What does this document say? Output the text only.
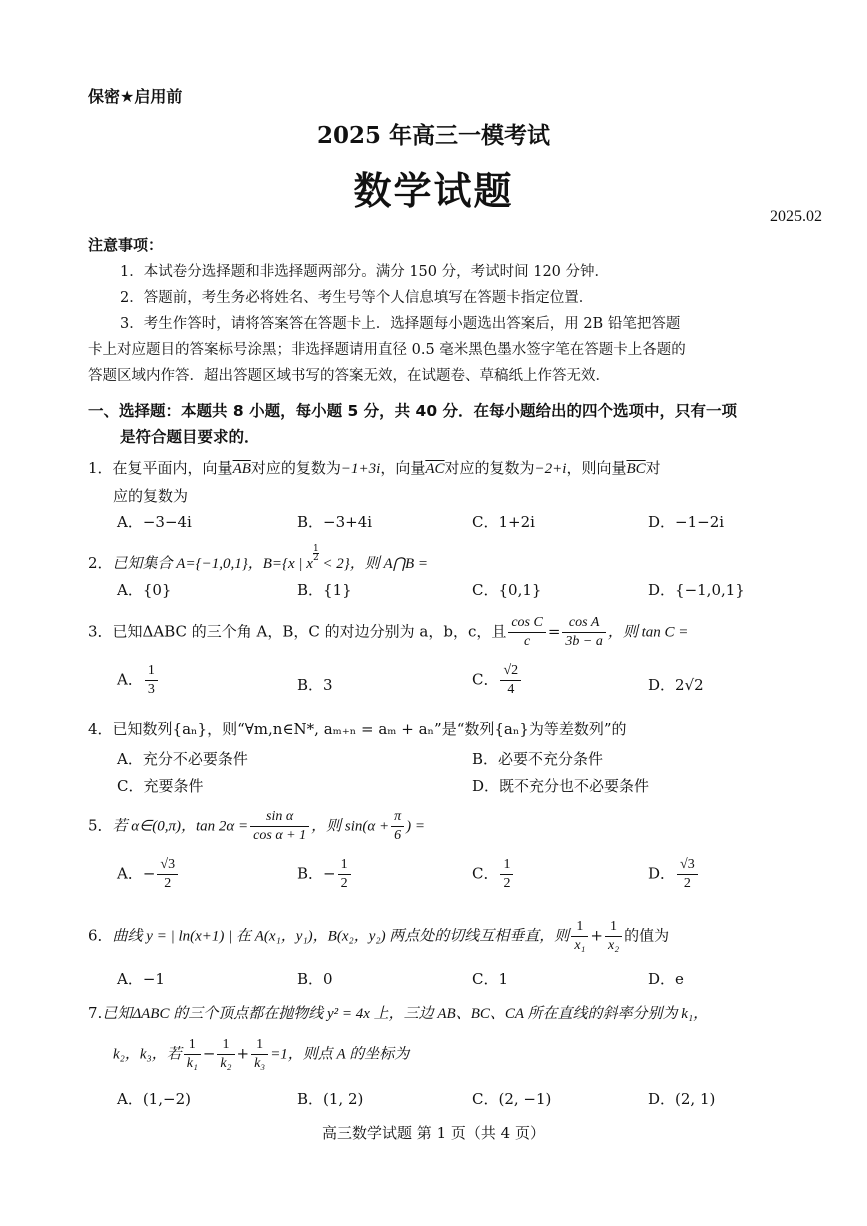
保密★启用前
2025 年高三一模考试
数学试题
2025.02
注意事项：
1．本试卷分选择题和非选择题两部分。满分 150 分，考试时间 120 分钟．
2．答题前，考生务必将姓名、考生号等个人信息填写在答题卡指定位置．
3．考生作答时，请将答案答在答题卡上．选择题每小题选出答案后，用 2B 铅笔把答题
卡上对应题目的答案标号涂黑；非选择题请用直径 0.5 毫米黑色墨水签字笔在答题卡上各题的
答题区域内作答．超出答题区域书写的答案无效，在试题卷、草稿纸上作答无效．
一、选择题：本题共 8 小题，每小题 5 分，共 40 分．在每小题给出的四个选项中，只有一项
是符合题目要求的．
1．在复平面内，向量$\overline{AB}$对应的复数为−1+3i，向量$\overline{AC}$对应的复数为−2+i，则向量$\overline{BC}$对
应的复数为
A．−3−4i	B．−3+4i	C．1+2i	D．−1−2i
2．已知集合 A={−1,0,1}，B={x | x
$^{\frac{1}{2}}$
< 2}，则 A⋂B =
A．{0}	B．{1}	C．{0,1}	D．{−1,0,1}
3．已知ΔABC 的三个角 A，B，C 的对边分别为 a，b，c，且 $\frac{\text{cos C}}{c} = \frac{\text{cos A}}{3b - a}$ ，则 tan C =
A． $\frac{1}{3}$	B．3	C． $\frac{√2}{4}$	D．2√2
4．已知数列{aₙ}，则“∀m,n∈N*, aₘ₊ₙ = aₘ + aₙ”是“数列{aₙ}为等差数列”的
A．充分不必要条件	B．必要不充分条件
C．充要条件	D．既不充分也不必要条件
5．若 α∈(0,π)，$\tan 2\alpha = \frac{\text{sin α}}{\text{cos α + 1}}$ ，则 $\sin(\alpha + \frac{\pi}{6}$ ) =
A．− $\frac{√3}{2}$	B．− $\frac{1}{2}$	C． $\frac{1}{2}$	D． $\frac{√3}{2}$
6．曲线 y = | ln(x+1) | 在 A(x₁，y₁)，B(x₂，y₂) 两点处的切线互相垂直，则 $\frac{1}{\text{x₁}} + \frac{1}{\text{x₂}}$ 的值为
A．−1	B．0	C．1	D．e
7.已知ΔABC 的三个顶点都在抛物线 y² = 4x 上，三边 AB、BC、CA 所在直线的斜率分别为 k₁，
k₂，k₃，若 $\frac{1}{\text{k₁}} - \frac{1}{\text{k₂}} + \frac{1}{\text{k₃}} =1$，则点 A 的坐标为
A．(1,−2)	B．(1, 2)	C．(2, −1)	D．(2, 1)
高三数学试题 第 1 页（共 4 页）
